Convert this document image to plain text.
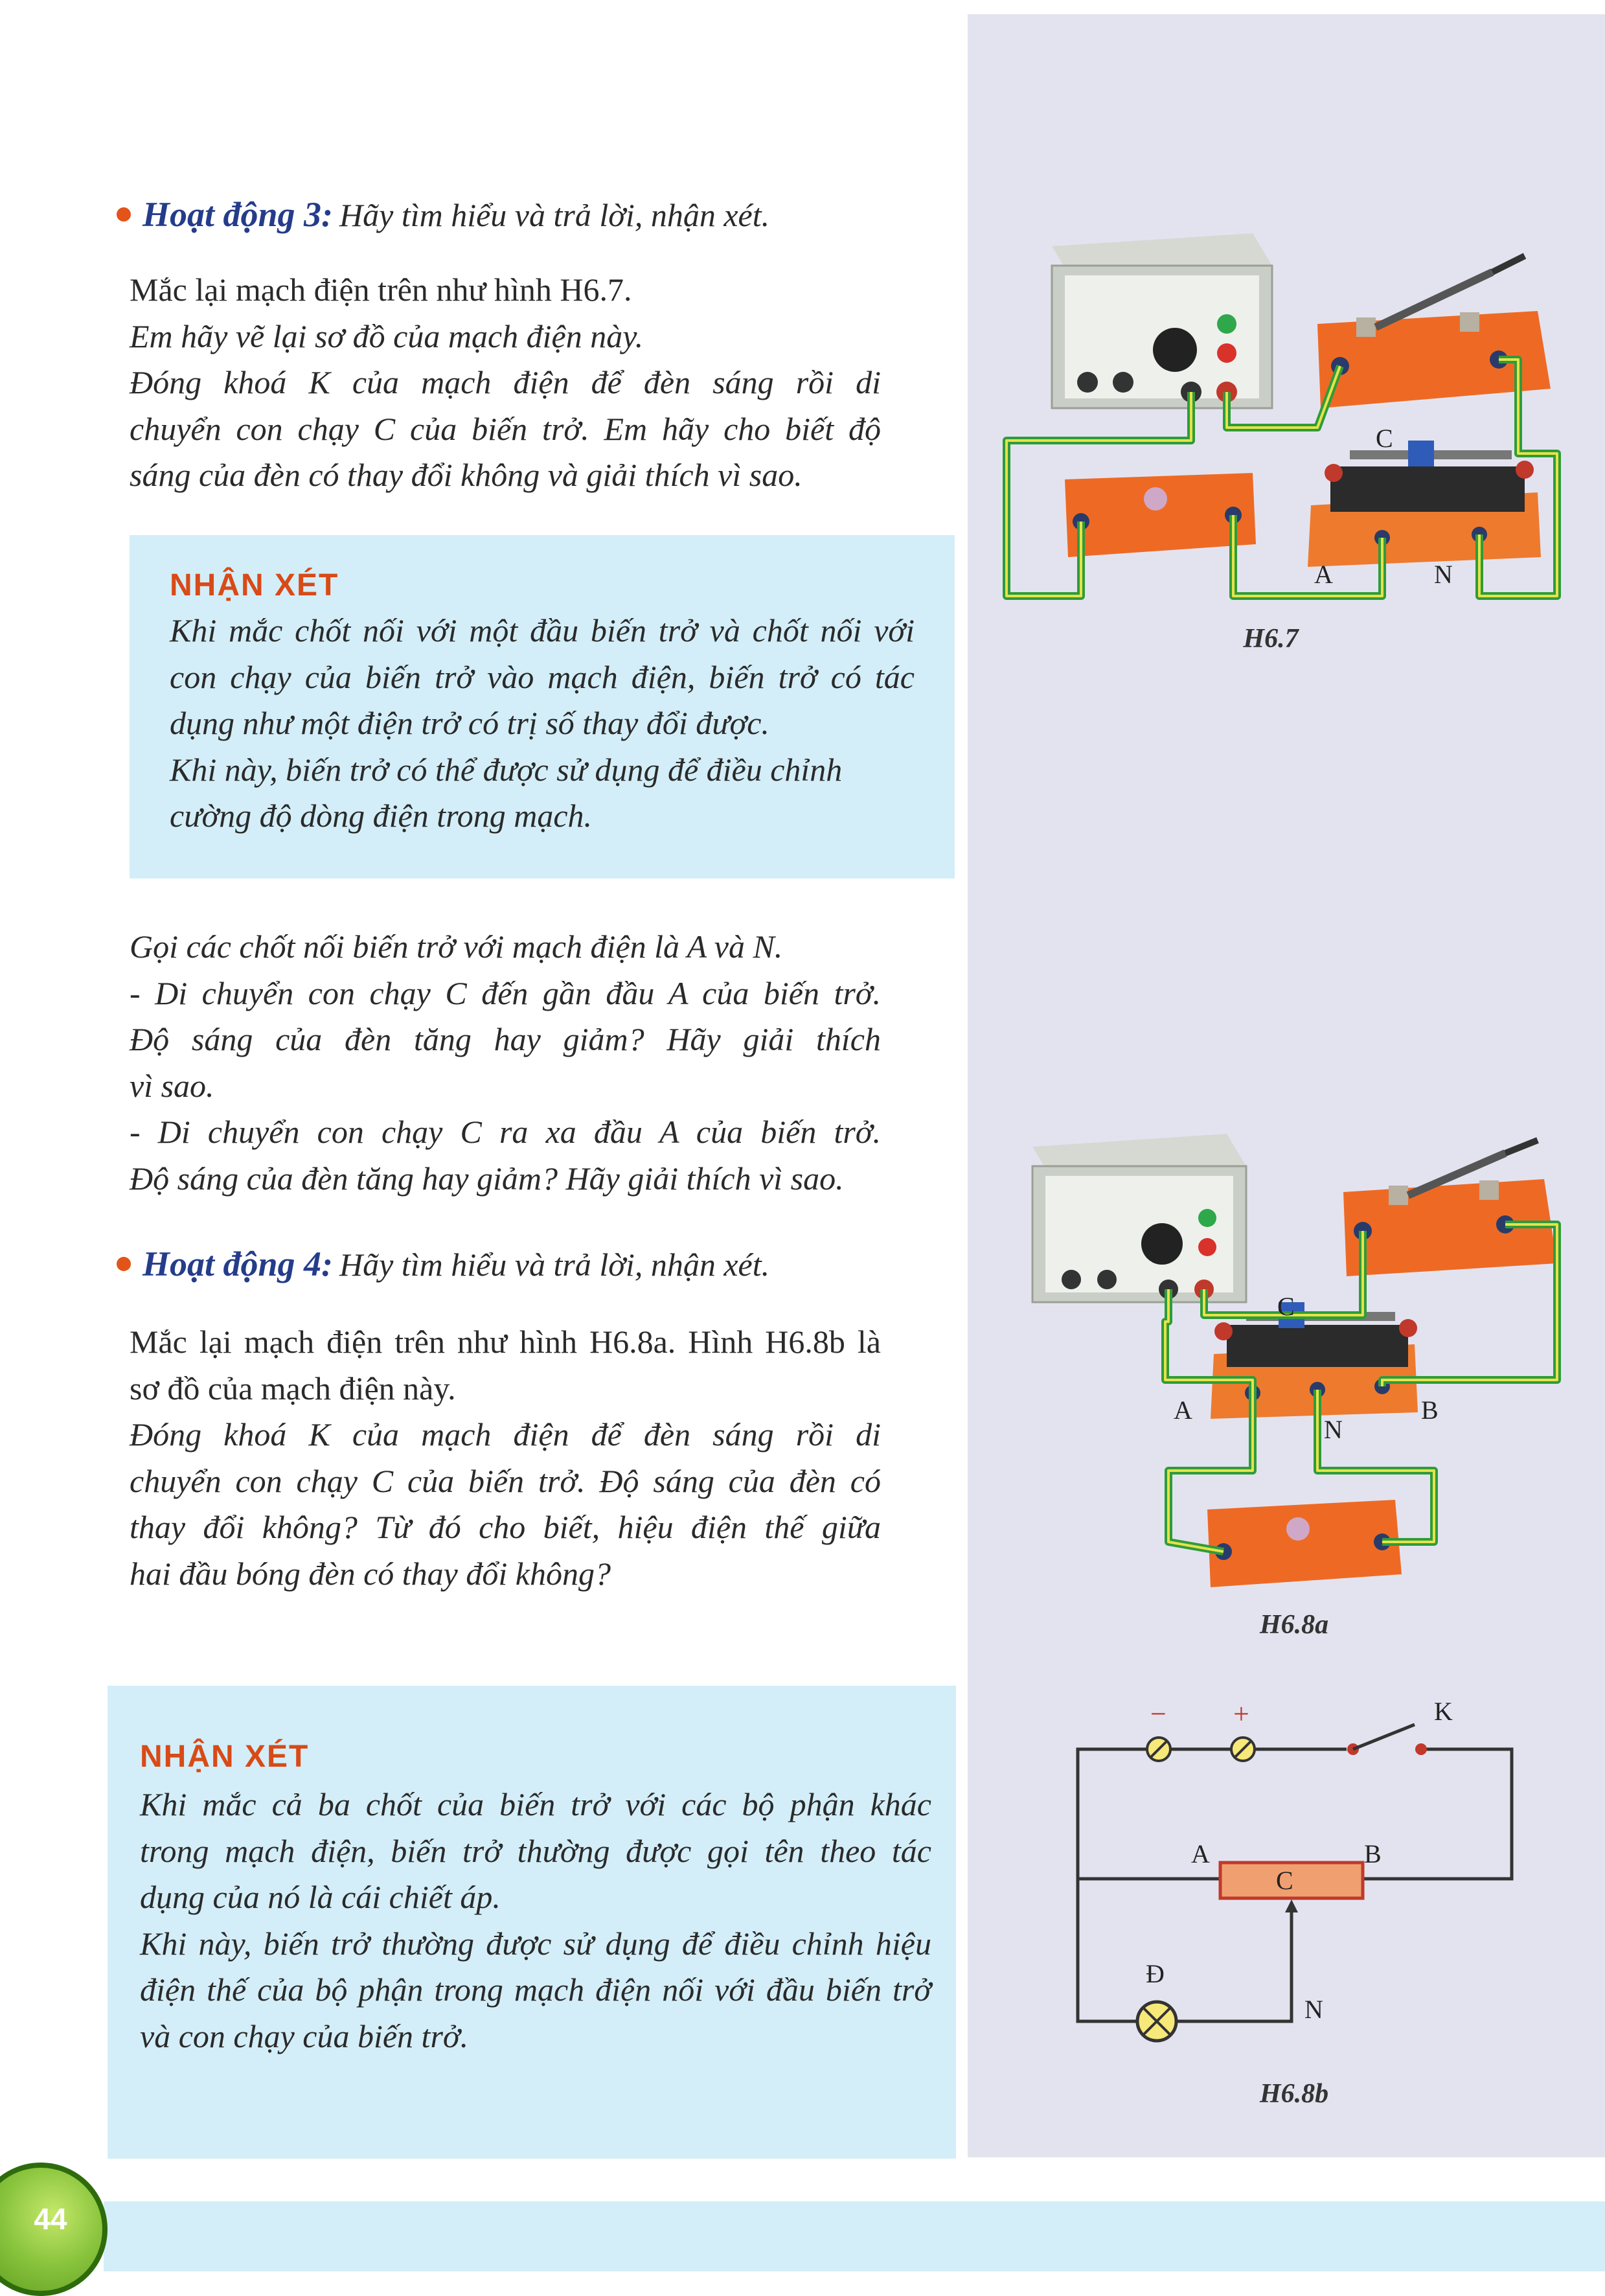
44
Hoạt động 3: Hãy tìm hiểu và trả lời, nhận xét.
Mắc lại mạch điện trên như hình H6.7.
Em hãy vẽ lại sơ đồ của mạch điện này.
Đóng khoá K của mạch điện để đèn sáng rồi di
chuyển con chạy C của biến trở. Em hãy cho biết độ
sáng của đèn có thay đổi không và giải thích vì sao.
NHẬN XÉT
Khi mắc chốt nối với một đầu biến trở và chốt nối với
con chạy của biến trở vào mạch điện, biến trở có tác
dụng như một điện trở có trị số thay đổi được.
Khi này, biến trở có thể được sử dụng để điều chỉnh
cường độ dòng điện trong mạch.
Gọi các chốt nối biến trở với mạch điện là A và N.
- Di chuyển con chạy C đến gần đầu A của biến trở.
Độ sáng của đèn tăng hay giảm? Hãy giải thích
vì sao.
- Di chuyển con chạy C ra xa đầu A của biến trở.
Độ sáng của đèn tăng hay giảm? Hãy giải thích vì sao.
Hoạt động 4: Hãy tìm hiểu và trả lời, nhận xét.
Mắc lại mạch điện trên như hình H6.8a. Hình H6.8b là
sơ đồ của mạch điện này.
Đóng khoá K của mạch điện để đèn sáng rồi di
chuyển con chạy C của biến trở. Độ sáng của đèn có
thay đổi không? Từ đó cho biết, hiệu điện thế giữa
hai đầu bóng đèn có thay đổi không?
NHẬN XÉT
Khi mắc cả ba chốt của biến trở với các bộ phận khác
trong mạch điện, biến trở thường được gọi tên theo tác
dụng của nó là cái chiết áp.
Khi này, biến trở thường được sử dụng để điều chỉnh hiệu
điện thế của bộ phận trong mạch điện nối với đầu biến trở
và con chạy của biến trở.
C
A	N
H6.7
C
A
N
B
H6.8a
− +	K
A	B
C
Đ
N
H6.8b
